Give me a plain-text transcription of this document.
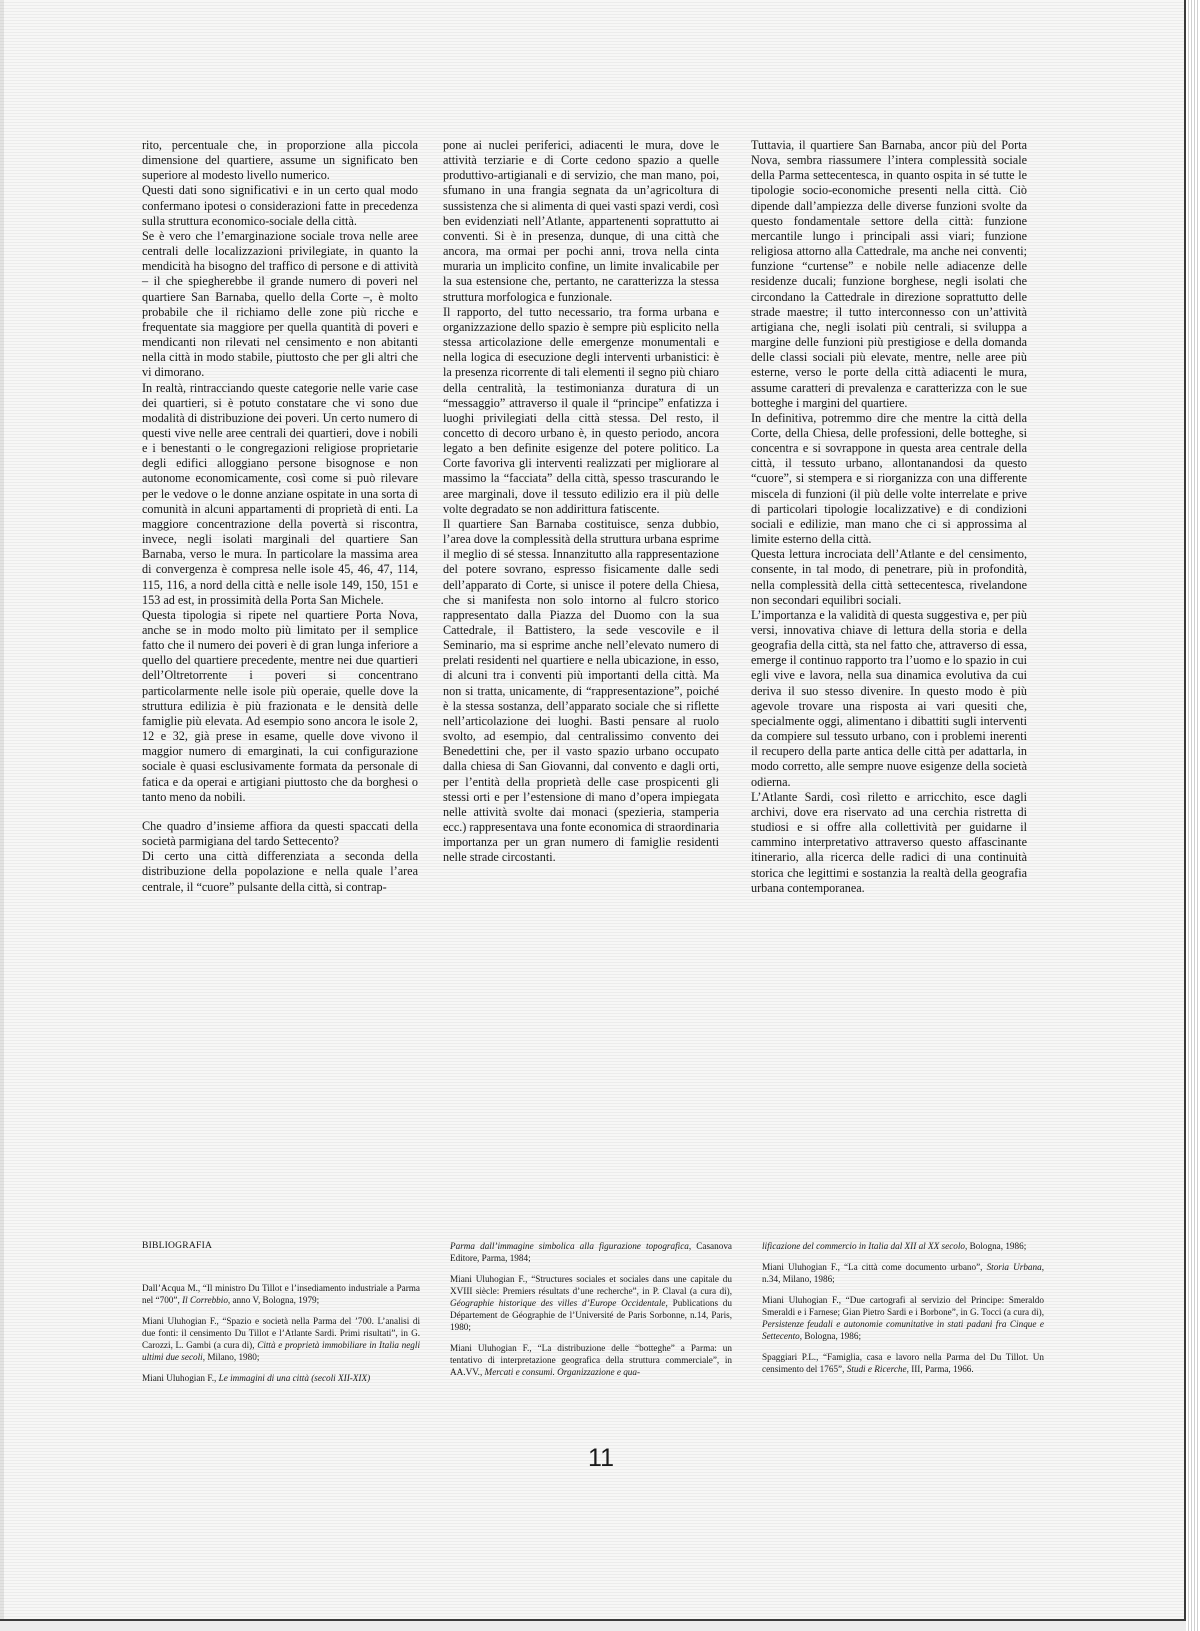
rito, percentuale che, in proporzione alla piccola dimensione del quartiere, assume un significato ben superiore al modesto livello numerico.

Questi dati sono significativi e in un certo qual modo confermano ipotesi o considerazioni fatte in precedenza sulla struttura economico-sociale della città.

Se è vero che l’emarginazione sociale trova nelle aree centrali delle localizzazioni privilegiate, in quanto la mendicità ha bisogno del traffico di persone e di attività – il che spiegherebbe il grande numero di poveri nel quartiere San Barnaba, quello della Corte –, è molto probabile che il richiamo delle zone più ricche e frequentate sia maggiore per quella quantità di poveri e mendicanti non rilevati nel censimento e non abitanti nella città in modo stabile, piuttosto che per gli altri che vi dimorano.

In realtà, rintracciando queste categorie nelle varie case dei quartieri, si è potuto constatare che vi sono due modalità di distribuzione dei poveri. Un certo numero di questi vive nelle aree centrali dei quartieri, dove i nobili e i benestanti o le congregazioni religiose proprietarie degli edifici alloggiano persone bisognose e non autonome economicamente, così come si può rilevare per le vedove o le donne anziane ospitate in una sorta di comunità in alcuni appartamenti di proprietà di enti. La maggiore concentrazione della povertà si riscontra, invece, negli isolati marginali del quartiere San Barnaba, verso le mura. In particolare la massima area di convergenza è compresa nelle isole 45, 46, 47, 114, 115, 116, a nord della città e nelle isole 149, 150, 151 e 153 ad est, in prossimità della Porta San Michele.

Questa tipologia si ripete nel quartiere Porta Nova, anche se in modo molto più limitato per il semplice fatto che il numero dei poveri è di gran lunga inferiore a quello del quartiere precedente, mentre nei due quartieri dell’Oltretorrente i poveri si concentrano particolarmente nelle isole più operaie, quelle dove la struttura edilizia è più frazionata e le densità delle famiglie più elevata. Ad esempio sono ancora le isole 2, 12 e 32, già prese in esame, quelle dove vivono il maggior numero di emarginati, la cui configurazione sociale è quasi esclusivamente formata da personale di fatica e da operai e artigiani piuttosto che da borghesi o tanto meno da nobili.

Che quadro d’insieme affiora da questi spaccati della società parmigiana del tardo Settecento?

Di certo una città differenziata a seconda della distribuzione della popolazione e nella quale l’area centrale, il “cuore” pulsante della città, si contrap-

pone ai nuclei periferici, adiacenti le mura, dove le attività terziarie e di Corte cedono spazio a quelle produttivo-artigianali e di servizio, che man mano, poi, sfumano in una frangia segnata da un’agricoltura di sussistenza che si alimenta di quei vasti spazi verdi, così ben evidenziati nell’Atlante, appartenenti soprattutto ai conventi. Si è in presenza, dunque, di una città che ancora, ma ormai per pochi anni, trova nella cinta muraria un implicito confine, un limite invalicabile per la sua estensione che, pertanto, ne caratterizza la stessa struttura morfologica e funzionale.

Il rapporto, del tutto necessario, tra forma urbana e organizzazione dello spazio è sempre più esplicito nella stessa articolazione delle emergenze monumentali e nella logica di esecuzione degli interventi urbanistici: è la presenza ricorrente di tali elementi il segno più chiaro della centralità, la testimonianza duratura di un “messaggio” attraverso il quale il “principe” enfatizza i luoghi privilegiati della città stessa. Del resto, il concetto di decoro urbano è, in questo periodo, ancora legato a ben definite esigenze del potere politico. La Corte favoriva gli interventi realizzati per migliorare al massimo la “facciata” della città, spesso trascurando le aree marginali, dove il tessuto edilizio era il più delle volte degradato se non addirittura fatiscente.

Il quartiere San Barnaba costituisce, senza dubbio, l’area dove la complessità della struttura urbana esprime il meglio di sé stessa. Innanzitutto alla rappresentazione del potere sovrano, espresso fisicamente dalle sedi dell’apparato di Corte, si unisce il potere della Chiesa, che si manifesta non solo intorno al fulcro storico rappresentato dalla Piazza del Duomo con la sua Cattedrale, il Battistero, la sede vescovile e il Seminario, ma si esprime anche nell’elevato numero di prelati residenti nel quartiere e nella ubicazione, in esso, di alcuni tra i conventi più importanti della città. Ma non si tratta, unicamente, di “rappresentazione”, poiché è la stessa sostanza, dell’apparato sociale che si riflette nell’articolazione dei luoghi. Basti pensare al ruolo svolto, ad esempio, dal centralissimo convento dei Benedettini che, per il vasto spazio urbano occupato dalla chiesa di San Giovanni, dal convento e dagli orti, per l’entità della proprietà delle case prospicenti gli stessi orti e per l’estensione di mano d’opera impiegata nelle attività svolte dai monaci (spezieria, stamperia ecc.) rappresentava una fonte economica di straordinaria importanza per un gran numero di famiglie residenti nelle strade circostanti.

Tuttavia, il quartiere San Barnaba, ancor più del Porta Nova, sembra riassumere l’intera complessità sociale della Parma settecentesca, in quanto ospita in sé tutte le tipologie socio-economiche presenti nella città. Ciò dipende dall’ampiezza delle diverse funzioni svolte da questo fondamentale settore della città: funzione mercantile lungo i principali assi viari; funzione religiosa attorno alla Cattedrale, ma anche nei conventi; funzione “curtense” e nobile nelle adiacenze delle residenze ducali; funzione borghese, negli isolati che circondano la Cattedrale in direzione soprattutto delle strade maestre; il tutto interconnesso con un’attività artigiana che, negli isolati più centrali, si sviluppa a margine delle funzioni più prestigiose e della domanda delle classi sociali più elevate, mentre, nelle aree più esterne, verso le porte della città adiacenti le mura, assume caratteri di prevalenza e caratterizza con le sue botteghe i margini del quartiere.

In definitiva, potremmo dire che mentre la città della Corte, della Chiesa, delle professioni, delle botteghe, si concentra e si sovrappone in questa area centrale della città, il tessuto urbano, allontanandosi da questo “cuore”, si stempera e si riorganizza con una differente miscela di funzioni (il più delle volte interrelate e prive di particolari tipologie localizzative) e di condizioni sociali e edilizie, man mano che ci si approssima al limite esterno della città.

Questa lettura incrociata dell’Atlante e del censimento, consente, in tal modo, di penetrare, più in profondità, nella complessità della città settecentesca, rivelandone non secondari equilibri sociali.

L’importanza e la validità di questa suggestiva e, per più versi, innovativa chiave di lettura della storia e della geografia della città, sta nel fatto che, attraverso di essa, emerge il continuo rapporto tra l’uomo e lo spazio in cui egli vive e lavora, nella sua dinamica evolutiva da cui deriva il suo stesso divenire. In questo modo è più agevole trovare una risposta ai vari quesiti che, specialmente oggi, alimentano i dibattiti sugli interventi da compiere sul tessuto urbano, con i problemi inerenti il recupero della parte antica delle città per adattarla, in modo corretto, alle sempre nuove esigenze della società odierna.

L’Atlante Sardi, così riletto e arricchito, esce dagli archivi, dove era riservato ad una cerchia ristretta di studiosi e si offre alla collettività per guidarne il cammino interpretativo attraverso questo affascinante itinerario, alla ricerca delle radici di una continuità storica che legittimi e sostanzia la realtà della geografia urbana contemporanea.

BIBLIOGRAFIA

Dall’Acqua M., “Il ministro Du Tillot e l’insediamento industriale a Parma nel “700”, Il Correbbio, anno V, Bologna, 1979;

Miani Uluhogian F., “Spazio e società nella Parma del ’700. L’analisi di due fonti: il censimento Du Tillot e l’Atlante Sardi. Primi risultati”, in G. Carozzi, L. Gambi (a cura di), Città e proprietà immobiliare in Italia negli ultimi due secoli, Milano, 1980;

Miani Uluhogian F., Le immagini di una città (secoli XII-XIX)

Parma dall’immagine simbolica alla figurazione topografica, Casanova Editore, Parma, 1984;

Miani Uluhogian F., “Structures sociales et sociales dans une capitale du XVIII siècle: Premiers résultats d’une recherche”, in P. Claval (a cura di), Géographie historique des villes d’Europe Occidentale, Publications du Département de Géographie de l’Université de Paris Sorbonne, n.14, Paris, 1980;

Miani Uluhogian F., “La distribuzione delle “botteghe” a Parma: un tentativo di interpretazione geografica della struttura commerciale”, in AA.VV., Mercati e consumi. Organizzazione e qua-

lificazione del commercio in Italia dal XII al XX secolo, Bologna, 1986;

Miani Uluhogian F., “La città come documento urbano”, Storia Urbana, n.34, Milano, 1986;

Miani Uluhogian F., “Due cartografi al servizio del Principe: Smeraldo Smeraldi e i Farnese; Gian Pietro Sardi e i Borbone”, in G. Tocci (a cura di), Persistenze feudali e autonomie comunitative in stati padani fra Cinque e Settecento, Bologna, 1986;

Spaggiari P.L., “Famiglia, casa e lavoro nella Parma del Du Tillot. Un censimento del 1765”, Studi e Ricerche, III, Parma, 1966.

11
